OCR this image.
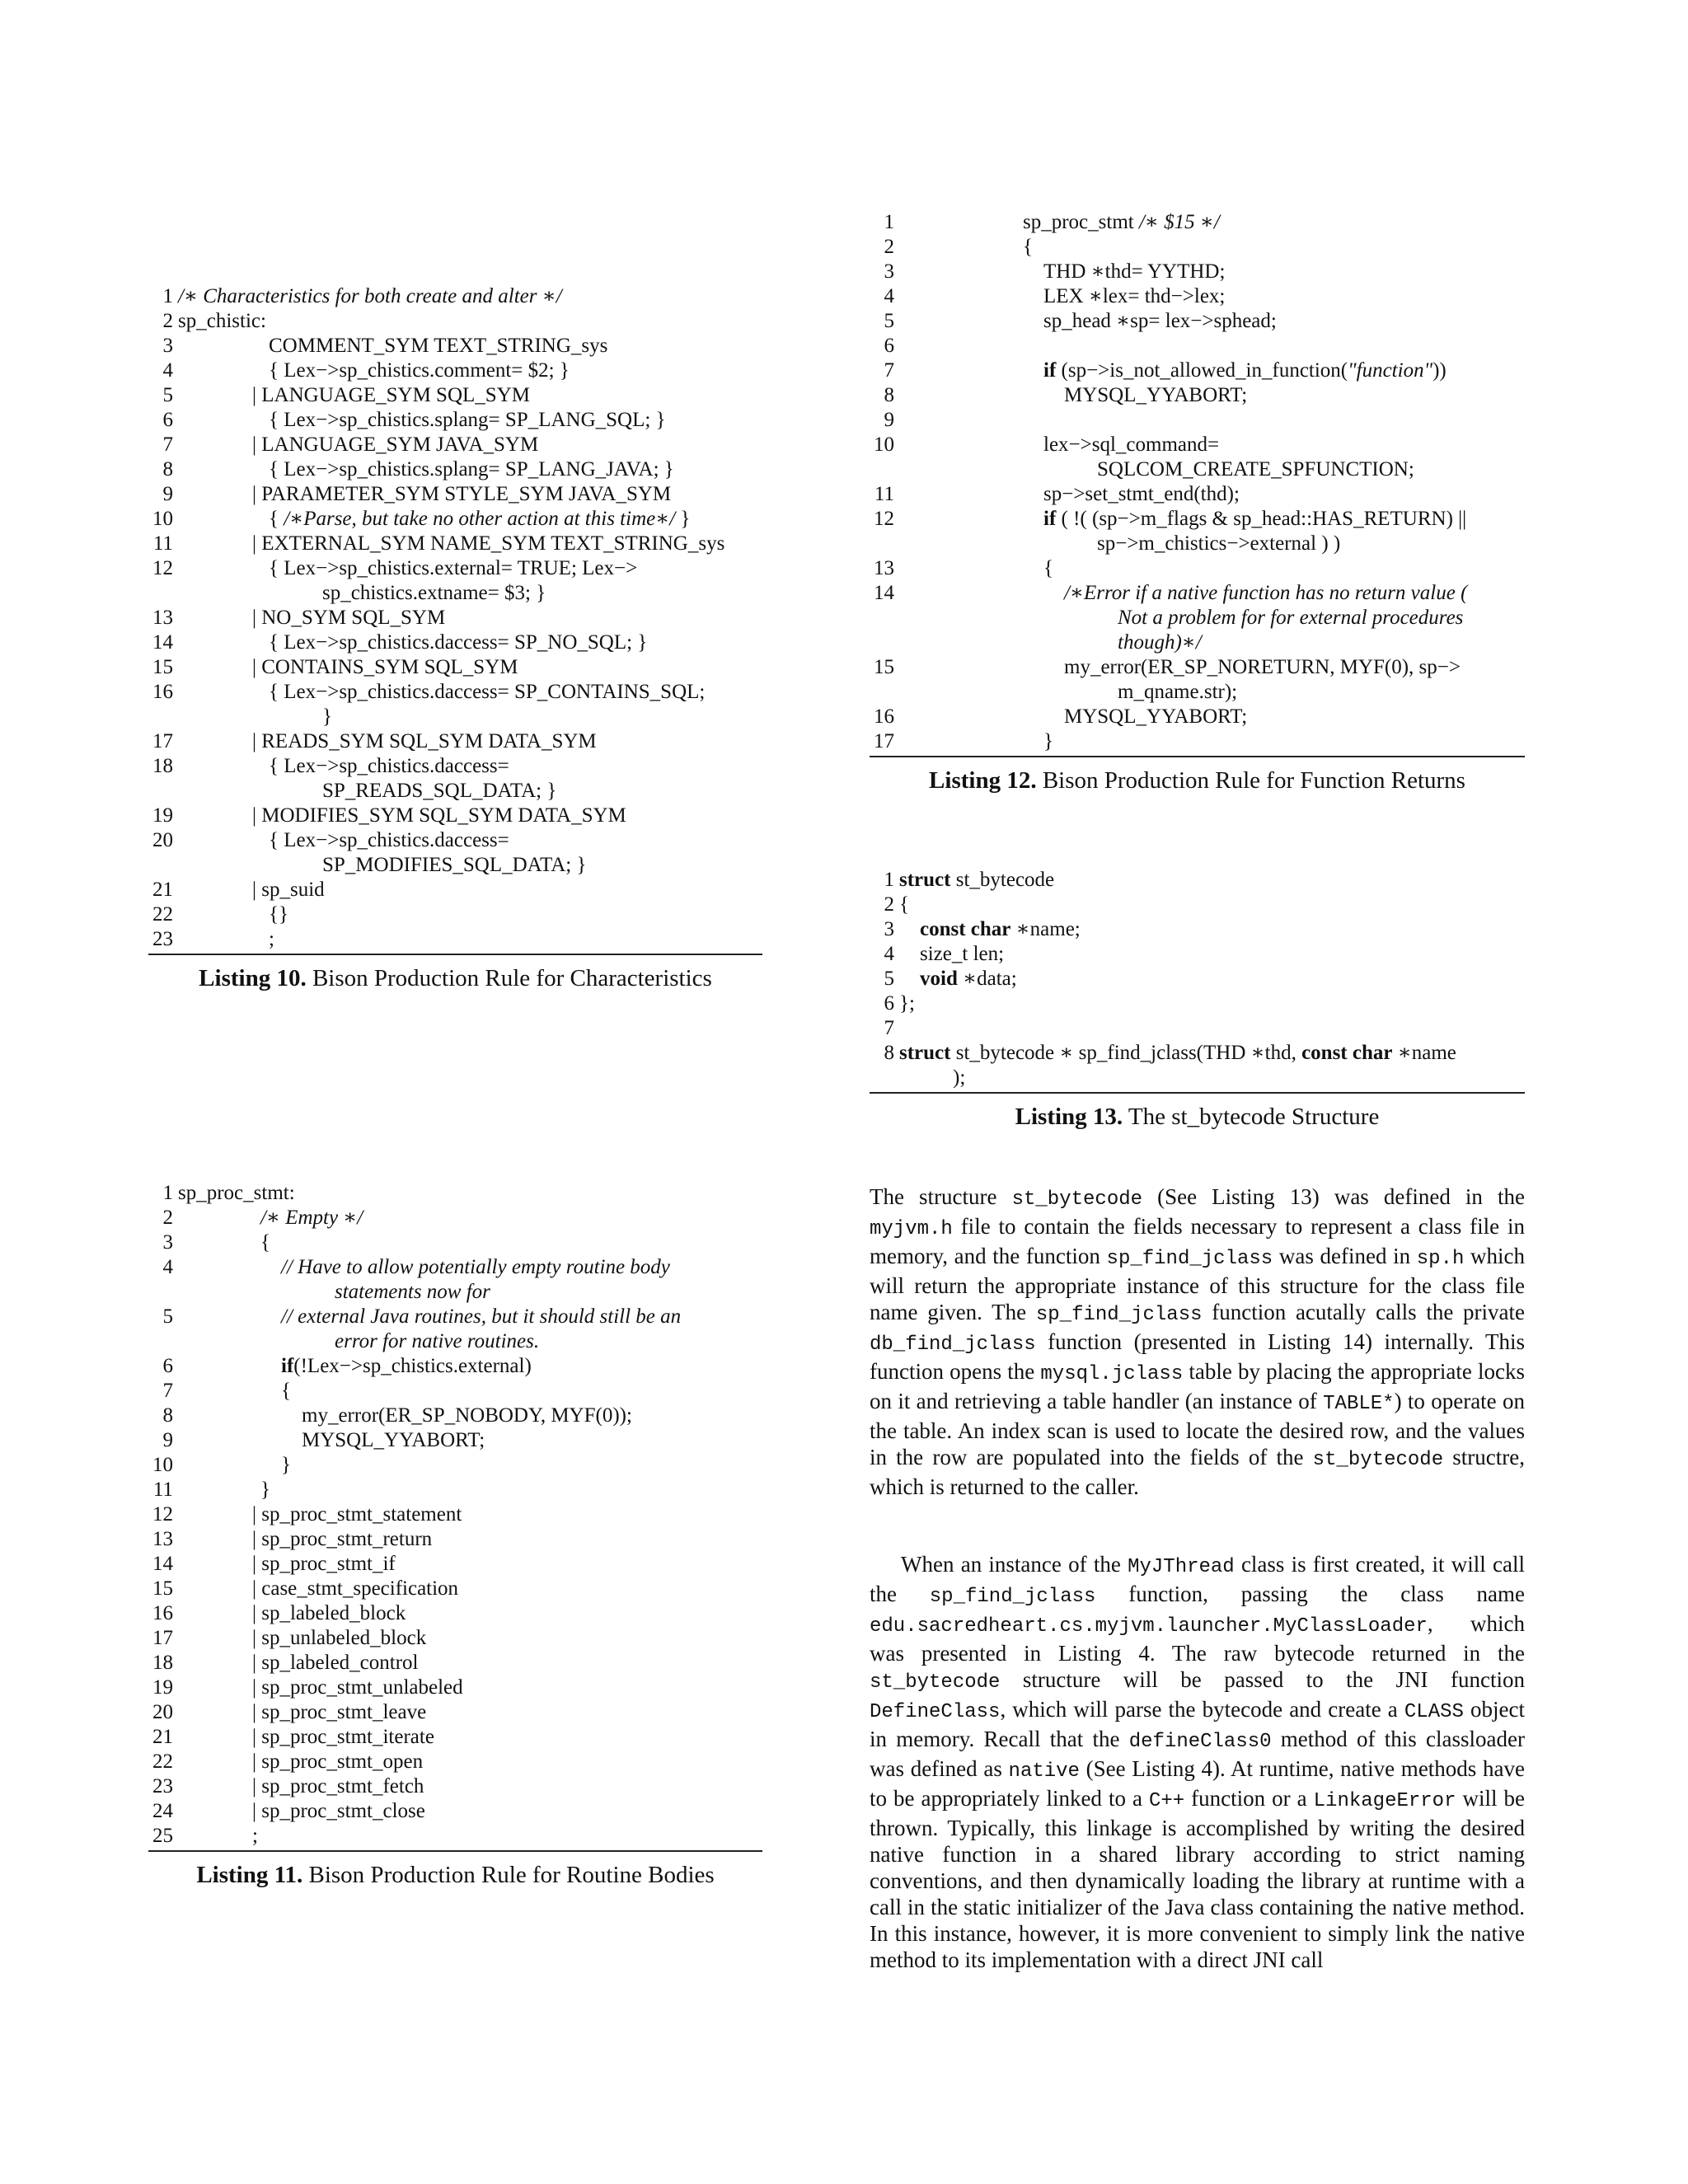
1 /∗ Characteristics for both create and alter ∗/
2 sp_chistic:
3	COMMENT_SYM TEXT_STRING_sys
4	{ Lex−>sp_chistics.comment= $2; }
5	| LANGUAGE_SYM SQL_SYM
6	{ Lex−>sp_chistics.splang= SP_LANG_SQL; }
7	| LANGUAGE_SYM JAVA_SYM
8	{ Lex−>sp_chistics.splang= SP_LANG_JAVA; }
9	| PARAMETER_SYM STYLE_SYM JAVA_SYM
10	{ /∗Parse, but take no other action at this time∗/ }
11	| EXTERNAL_SYM NAME_SYM TEXT_STRING_sys
12	{ Lex−>sp_chistics.external= TRUE; Lex−>
sp_chistics.extname= $3; }
13	| NO_SYM SQL_SYM
14	{ Lex−>sp_chistics.daccess= SP_NO_SQL; }
15	| CONTAINS_SYM SQL_SYM
16	{ Lex−>sp_chistics.daccess= SP_CONTAINS_SQL;
}
17	| READS_SYM SQL_SYM DATA_SYM
18	{ Lex−>sp_chistics.daccess=
SP_READS_SQL_DATA; }
19	| MODIFIES_SYM SQL_SYM DATA_SYM
20	{ Lex−>sp_chistics.daccess=
SP_MODIFIES_SQL_DATA; }
21	| sp_suid
22	{}
23	;
Listing 10. Bison Production Rule for Characteristics
1 sp_proc_stmt:
2	/∗ Empty ∗/
3	{
4	// Have to allow potentially empty routine body
statements now for
5	// external Java routines, but it should still be an
error for native routines.
6	if(!Lex−>sp_chistics.external)
7	{
8	my_error(ER_SP_NOBODY, MYF(0));
9	MYSQL_YYABORT;
10	}
11	}
12	| sp_proc_stmt_statement
13	| sp_proc_stmt_return
14	| sp_proc_stmt_if
15	| case_stmt_specification
16	| sp_labeled_block
17	| sp_unlabeled_block
18	| sp_labeled_control
19	| sp_proc_stmt_unlabeled
20	| sp_proc_stmt_leave
21	| sp_proc_stmt_iterate
22	| sp_proc_stmt_open
23	| sp_proc_stmt_fetch
24	| sp_proc_stmt_close
25	;
Listing 11. Bison Production Rule for Routine Bodies
1	sp_proc_stmt /∗ $15 ∗/
2	{
3	THD ∗thd= YYTHD;
4	LEX ∗lex= thd−>lex;
5	sp_head ∗sp= lex−>sphead;
6
7	if (sp−>is_not_allowed_in_function("function"))
8	MYSQL_YYABORT;
9
10	lex−>sql_command=
SQLCOM_CREATE_SPFUNCTION;
11	sp−>set_stmt_end(thd);
12	if ( !( (sp−>m_flags & sp_head::HAS_RETURN) ||
sp−>m_chistics−>external ) )
13	{
14	/∗Error if a native function has no return value (
Not a problem for for external procedures
though)∗/
15	my_error(ER_SP_NORETURN, MYF(0), sp−>
m_qname.str);
16	MYSQL_YYABORT;
17	}
Listing 12. Bison Production Rule for Function Returns
1 struct st_bytecode
2 {
3	const char ∗name;
4	size_t len;
5	void ∗data;
6 };
7
8 struct st_bytecode ∗ sp_find_jclass(THD ∗thd, const char ∗name
);
Listing 13. The st_bytecode Structure

The structure st_bytecode (See Listing 13) was defined in the myjvm.h file to contain the fields necessary to represent a class file in memory, and the function sp_find_jclass was defined in sp.h which will return the appropriate instance of this structure for the class file name given. The sp_find_jclass function acutally calls the private db_find_jclass function (presented in Listing 14) internally. This function opens the mysql.jclass table by placing the appropriate locks on it and retrieving a table handler (an instance of TABLE*) to operate on the table. An index scan is used to locate the desired row, and the values in the row are populated into the fields of the st_bytecode structre, which is returned to the caller.

When an instance of the MyJThread class is first created, it will call the sp_find_jclass function, passing the class name edu.sacredheart.cs.myjvm.launcher.MyClassLoader, which was presented in Listing 4. The raw bytecode returned in the st_bytecode structure will be passed to the JNI function DefineClass, which will parse the bytecode and create a CLASS object in memory. Recall that the defineClass0 method of this classloader was defined as native (See Listing 4). At runtime, native methods have to be appropriately linked to a C++ function or a LinkageError will be thrown. Typically, this linkage is accomplished by writing the desired native function in a shared library according to strict naming conventions, and then dynamically loading the library at runtime with a call in the static initializer of the Java class containing the native method. In this instance, however, it is more convenient to simply link the native method to its implementation with a direct JNI call
